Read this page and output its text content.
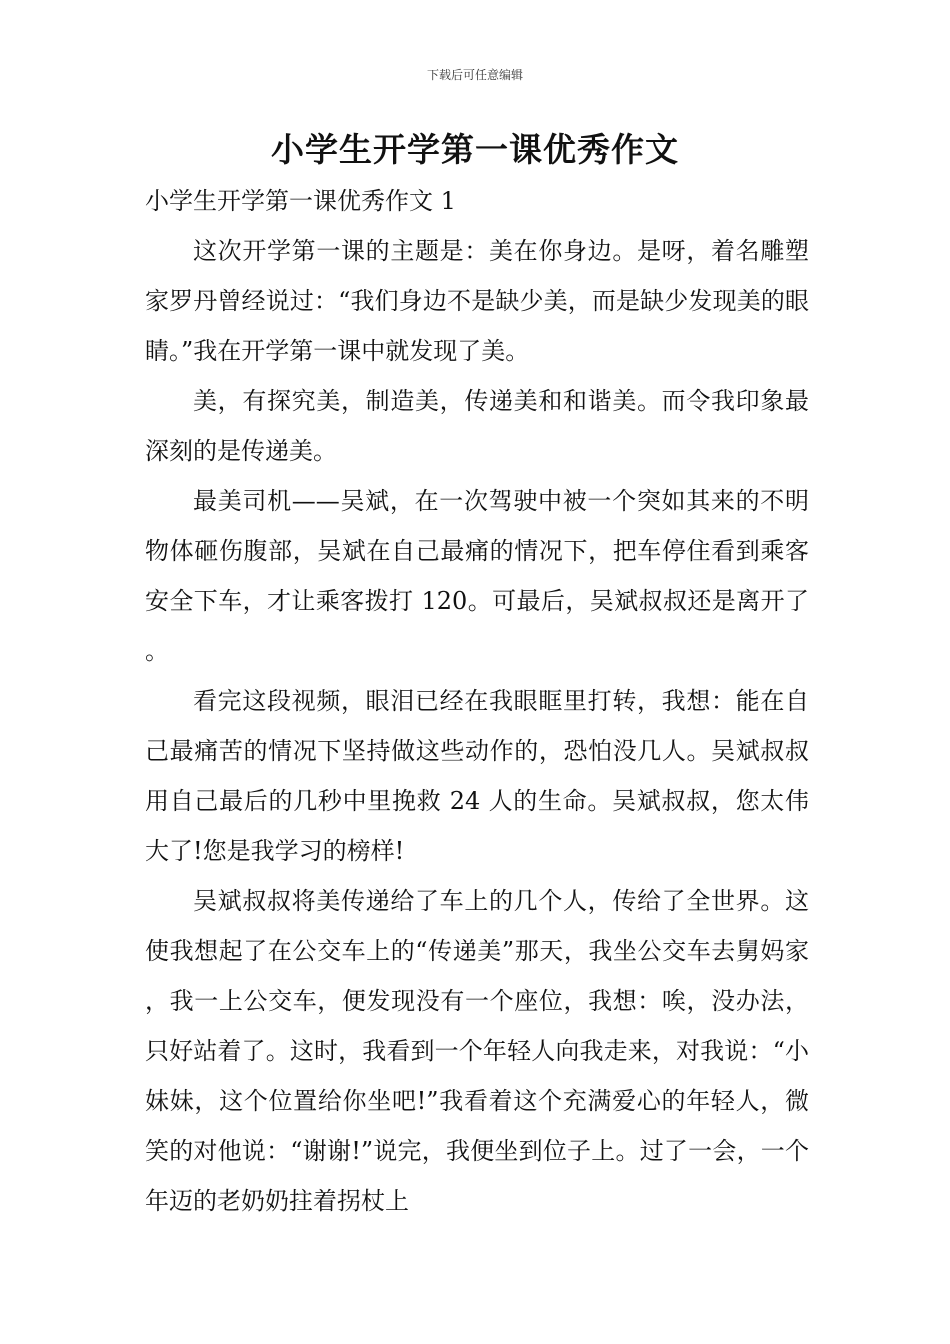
下载后可任意编辑
小学生开学第一课优秀作文

小学生开学第一课优秀作文 1

这次开学第一课的主题是：美在你身边。是呀，着名雕塑家罗丹曾经说过：“我们身边不是缺少美，而是缺少发现美的眼睛。”我在开学第一课中就发现了美。

美，有探究美，制造美，传递美和和谐美。而令我印象最深刻的是传递美。

最美司机——吴斌，在一次驾驶中被一个突如其来的不明物体砸伤腹部，吴斌在自己最痛的情况下，把车停住看到乘客安全下车，才让乘客拨打 120。可最后，吴斌叔叔还是离开了。

看完这段视频，眼泪已经在我眼眶里打转，我想：能在自己最痛苦的情况下坚持做这些动作的，恐怕没几人。吴斌叔叔用自己最后的几秒中里挽救 24 人的生命。吴斌叔叔，您太伟大了!您是我学习的榜样!

吴斌叔叔将美传递给了车上的几个人，传给了全世界。这使我想起了在公交车上的“传递美”那天，我坐公交车去舅妈家，我一上公交车，便发现没有一个座位，我想：唉，没办法，只好站着了。这时，我看到一个年轻人向我走来，对我说：“小妹妹，这个位置给你坐吧!”我看着这个充满爱心的年轻人，微笑的对他说：“谢谢!”说完，我便坐到位子上。过了一会，一个年迈的老奶奶拄着拐杖上
